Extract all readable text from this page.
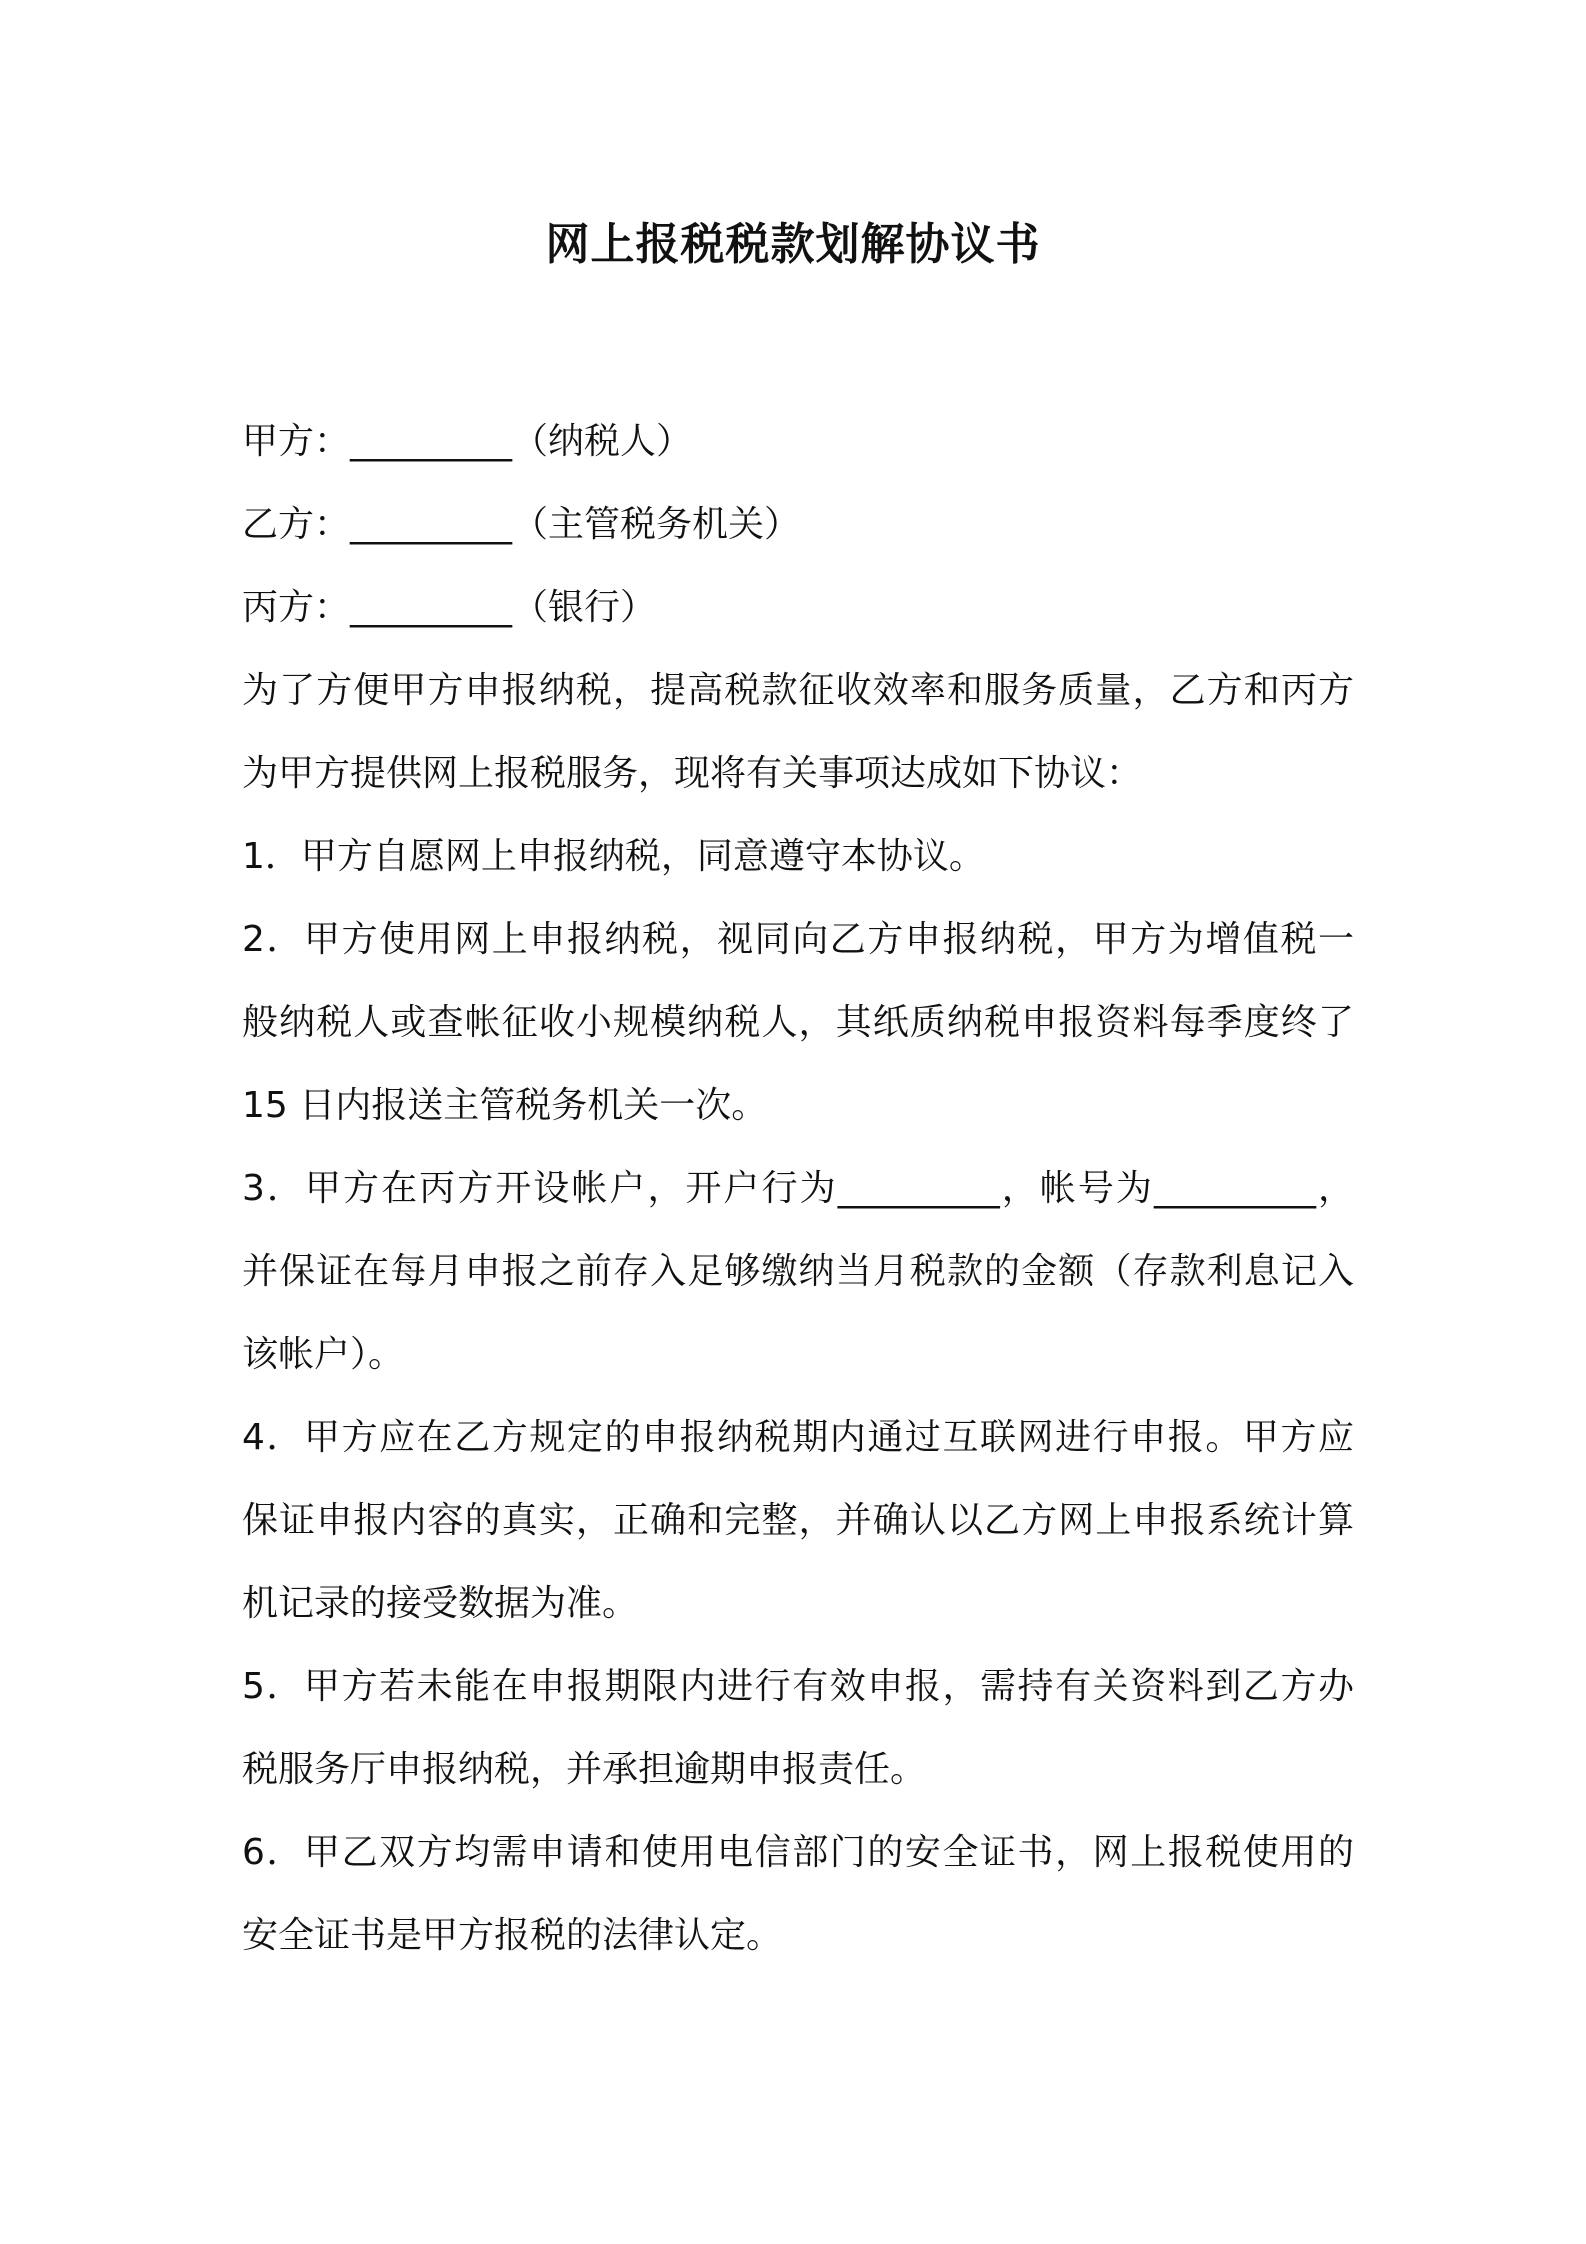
网上报税税款划解协议书
甲方：_________（纳税人）
乙方：_________（主管税务机关）
丙方：_________（银行）
为了方便甲方申报纳税，提高税款征收效率和服务质量，乙方和丙方
为甲方提供网上报税服务，现将有关事项达成如下协议：
1．甲方自愿网上申报纳税，同意遵守本协议。
2．甲方使用网上申报纳税，视同向乙方申报纳税，甲方为增值税一
般纳税人或查帐征收小规模纳税人，其纸质纳税申报资料每季度终了
15 日内报送主管税务机关一次。
3．甲方在丙方开设帐户，开户行为_________，帐号为_________，
并保证在每月申报之前存入足够缴纳当月税款的金额（存款利息记入
该帐户）。
4．甲方应在乙方规定的申报纳税期内通过互联网进行申报。甲方应
保证申报内容的真实，正确和完整，并确认以乙方网上申报系统计算
机记录的接受数据为准。
5．甲方若未能在申报期限内进行有效申报，需持有关资料到乙方办
税服务厅申报纳税，并承担逾期申报责任。
6．甲乙双方均需申请和使用电信部门的安全证书，网上报税使用的
安全证书是甲方报税的法律认定。
